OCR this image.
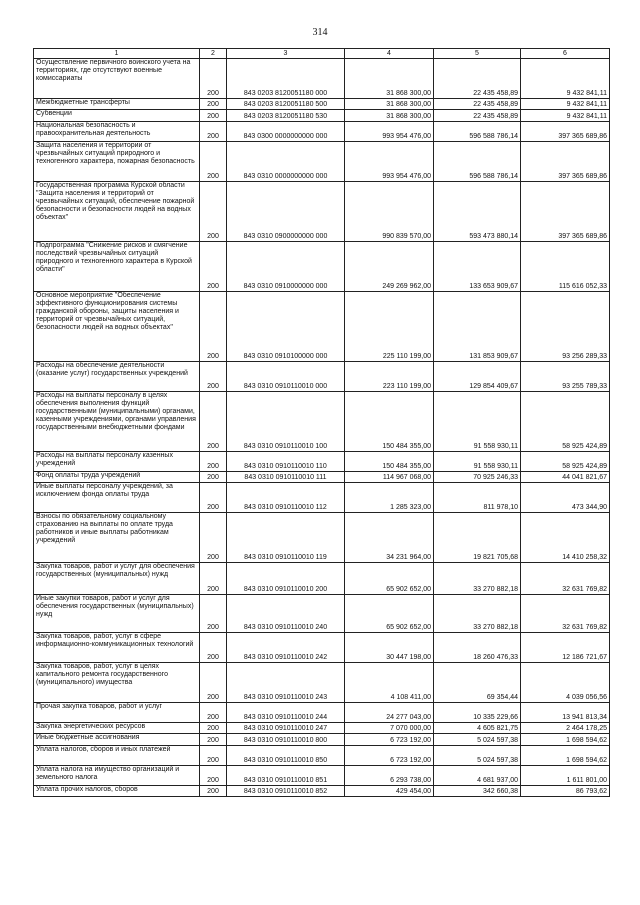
314
1	2	3	4	5	6
Осуществление первичного воинского учета на территориях, где отсутствуют военные комиссариаты	200	843 0203 8120051180 000	31 868 300,00	22 435 458,89	9 432 841,11
Межбюджетные трансферты	200	843 0203 8120051180 500	31 868 300,00	22 435 458,89	9 432 841,11
Субвенции	200	843 0203 8120051180 530	31 868 300,00	22 435 458,89	9 432 841,11
Национальная безопасность и правоохранительная деятельность	200	843 0300 0000000000 000	993 954 476,00	596 588 786,14	397 365 689,86
Защита населения и территории от чрезвычайных ситуаций природного и техногенного характера, пожарная безопасность	200	843 0310 0000000000 000	993 954 476,00	596 588 786,14	397 365 689,86
Государственная программа Курской области "Защита населения и территорий от чрезвычайных ситуаций, обеспечение пожарной безопасности и безопасности людей на водных объектах"	200	843 0310 0900000000 000	990 839 570,00	593 473 880,14	397 365 689,86
Подпрограмма "Снижение рисков и смягчение последствий чрезвычайных ситуаций природного и техногенного характера в Курской области"	200	843 0310 0910000000 000	249 269 962,00	133 653 909,67	115 616 052,33
Основное мероприятие "Обеспечение эффективного функционирования системы гражданской обороны, защиты населения и территорий от чрезвычайных ситуаций, безопасности людей на водных объектах"	200	843 0310 0910100000 000	225 110 199,00	131 853 909,67	93 256 289,33
Расходы на обеспечение деятельности (оказание услуг) государственных учреждений	200	843 0310 0910110010 000	223 110 199,00	129 854 409,67	93 255 789,33
Расходы на выплаты персоналу в целях обеспечения выполнения функций государственными (муниципальными) органами, казенными учреждениями, органами управления государственными внебюджетными фондами	200	843 0310 0910110010 100	150 484 355,00	91 558 930,11	58 925 424,89
Расходы на выплаты персоналу казенных учреждений	200	843 0310 0910110010 110	150 484 355,00	91 558 930,11	58 925 424,89
Фонд оплаты труда учреждений	200	843 0310 0910110010 111	114 967 068,00	70 925 246,33	44 041 821,67
Иные выплаты персоналу учреждений, за исключением фонда оплаты труда	200	843 0310 0910110010 112	1 285 323,00	811 978,10	473 344,90
Взносы по обязательному социальному страхованию на выплаты по оплате труда работников и иные выплаты работникам учреждений	200	843 0310 0910110010 119	34 231 964,00	19 821 705,68	14 410 258,32
Закупка товаров, работ и услуг для обеспечения государственных (муниципальных) нужд	200	843 0310 0910110010 200	65 902 652,00	33 270 882,18	32 631 769,82
Иные закупки товаров, работ и услуг для обеспечения государственных (муниципальных) нужд	200	843 0310 0910110010 240	65 902 652,00	33 270 882,18	32 631 769,82
Закупка товаров, работ, услуг в сфере информационно-коммуникационных технологий	200	843 0310 0910110010 242	30 447 198,00	18 260 476,33	12 186 721,67
Закупка товаров, работ, услуг в целях капитального ремонта государственного (муниципального) имущества	200	843 0310 0910110010 243	4 108 411,00	69 354,44	4 039 056,56
Прочая закупка товаров, работ и услуг	200	843 0310 0910110010 244	24 277 043,00	10 335 229,66	13 941 813,34
Закупка энергетических ресурсов	200	843 0310 0910110010 247	7 070 000,00	4 605 821,75	2 464 178,25
Иные бюджетные ассигнования	200	843 0310 0910110010 800	6 723 192,00	5 024 597,38	1 698 594,62
Уплата налогов, сборов и иных платежей	200	843 0310 0910110010 850	6 723 192,00	5 024 597,38	1 698 594,62
Уплата налога на имущество организаций и земельного налога	200	843 0310 0910110010 851	6 293 738,00	4 681 937,00	1 611 801,00
Уплата прочих налогов, сборов	200	843 0310 0910110010 852	429 454,00	342 660,38	86 793,62
